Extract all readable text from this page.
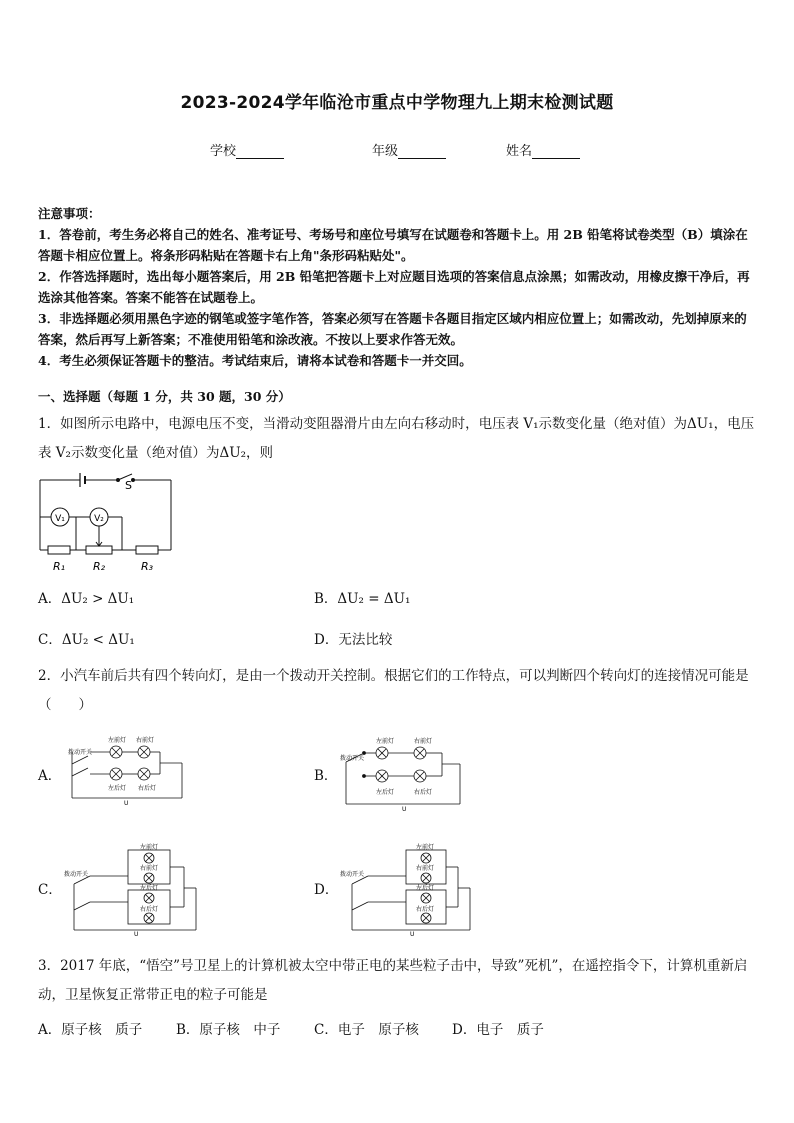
2023-2024学年临沧市重点中学物理九上期末检测试题
学校	年级	姓名

注意事项：

1．答卷前，考生务必将自己的姓名、准考证号、考场号和座位号填写在试题卷和答题卡上。用 2B 铅笔将试卷类型（B）填涂在答题卡相应位置上。将条形码粘贴在答题卡右上角"条形码粘贴处"。

2．作答选择题时，选出每小题答案后，用 2B 铅笔把答题卡上对应题目选项的答案信息点涂黑；如需改动，用橡皮擦干净后，再选涂其他答案。答案不能答在试题卷上。

3．非选择题必须用黑色字迹的钢笔或签字笔作答，答案必须写在答题卡各题目指定区域内相应位置上；如需改动，先划掉原来的答案，然后再写上新答案；不准使用铅笔和涂改液。不按以上要求作答无效。

4．考生必须保证答题卡的整洁。考试结束后，请将本试卷和答题卡一并交回。

一、选择题（每题 1 分，共 30 题，30 分）

1．如图所示电路中，电源电压不变，当滑动变阻器滑片由左向右移动时，电压表 V₁示数变化量（绝对值）为ΔU₁，电压表 V₂示数变化量（绝对值）为ΔU₂，则

S
V₁	V₂
R₁	R₂	R₃
A．ΔU₂ > ΔU₁	B．ΔU₂ = ΔU₁
C．ΔU₂ < ΔU₁	D．无法比较

2．小汽车前后共有四个转向灯，是由一个拨动开关控制。根据它们的工作特点，可以判断四个转向灯的连接情况可能是（　　）

A．	B．
C．	D．
拨动开关
左前灯 右前灯
左后灯 右后灯
U
拨动开关
左前灯	右前灯
左后灯	右后灯
U
拨动开关
左前灯
右前灯
左后灯
右后灯
U
拨动开关
左前灯
右前灯
左后灯
右后灯
U

3．2017 年底，“悟空”号卫星上的计算机被太空中带正电的某些粒子击中，导致”死机”，在遥控指令下，计算机重新启动，卫星恢复正常带正电的粒子可能是

A．原子核　质子	B．原子核　中子 C．电子　原子核 D．电子　质子
